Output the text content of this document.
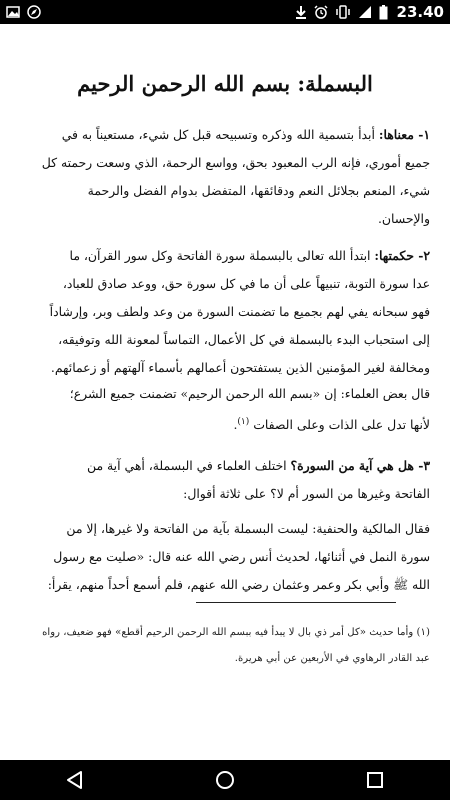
23.40
البسملة: بسم الله الرحمن الرحيم
١- معناها: أبدأ بتسمية الله وذكره وتسبيحه قبل كل شيء، مستعيناً به في
جميع أموري، فإنه الرب المعبود بحق، وواسع الرحمة، الذي وسعت رحمته كل
شيء، المنعم بجلائل النعم ودقائقها، المتفضل بدوام الفضل والرحمة
والإحسان.
٢- حكمتها: ابتدأ الله تعالى بالبسملة سورة الفاتحة وكل سور القرآن، ما
عدا سورة التوبة، تنبيهاً على أن ما في كل سورة حق، ووعد صادق للعباد،
فهو سبحانه يفي لهم بجميع ما تضمنت السورة من وعد ولطف وبر، وإرشاداً
إلى استحباب البدء بالبسملة في كل الأعمال، التماساً لمعونة الله وتوفيقه،
ومخالفة لغير المؤمنين الذين يستفتحون أعمالهم بأسماء آلهتهم أو زعمائهم.
قال بعض العلماء: إن «بسم الله الرحمن الرحيم» تضمنت جميع الشرع؛
لأنها تدل على الذات وعلى الصفات $^{(١)}$.
٣- هل هي آية من السورة؟ اختلف العلماء في البسملة، أهي آية من
الفاتحة وغيرها من السور أم لا؟ على ثلاثة أقوال:
فقال المالكية والحنفية: ليست البسملة بآية من الفاتحة ولا غيرها، إلا من
سورة النمل في أثنائها، لحديث أنس رضي الله عنه قال: «صليت مع رسول
الله ﷺ وأبي بكر وعمر وعثمان رضي الله عنهم، فلم أسمع أحداً منهم، يقرأ:
(١) وأما حديث «كل أمر ذي بال لا يبدأ فيه ببسم الله الرحمن الرحيم أقطع» فهو ضعيف، رواه
عبد القادر الرهاوي في الأربعين عن أبي هريرة.
